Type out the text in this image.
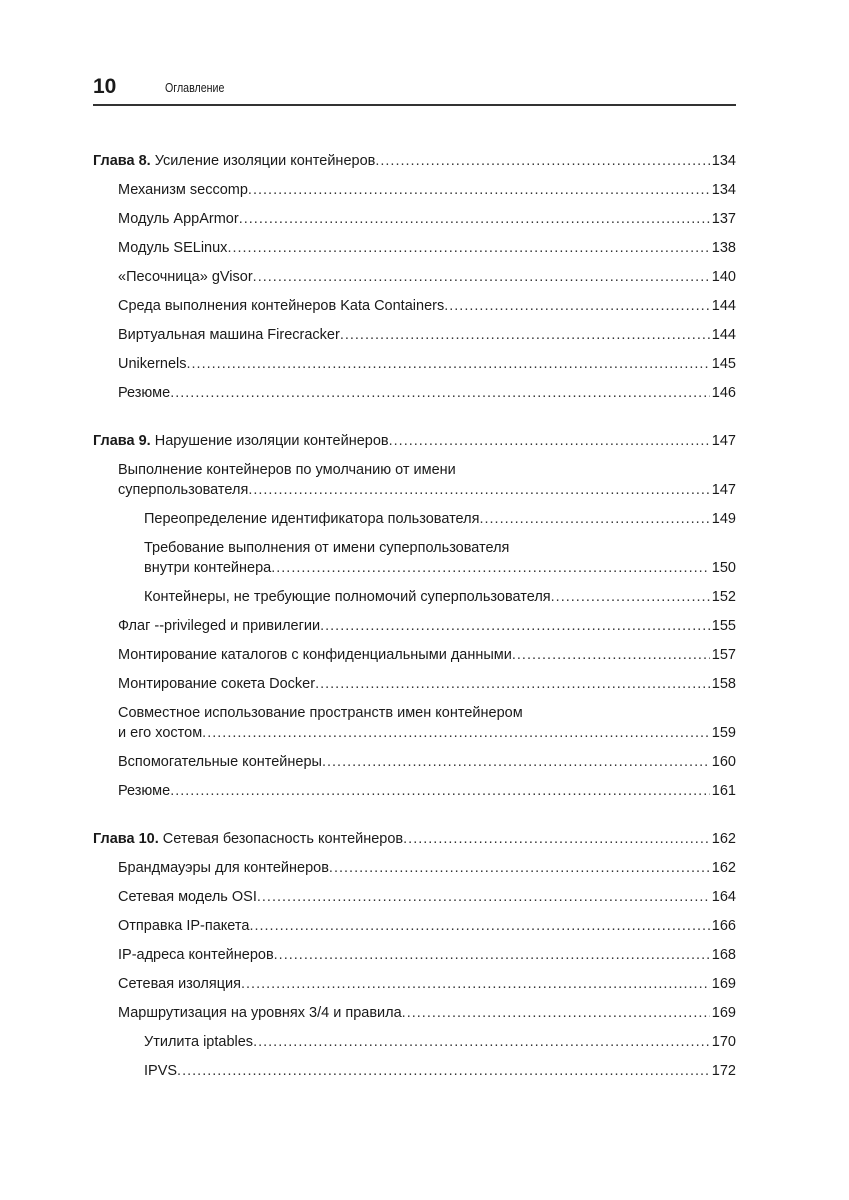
10	Оглавление
Глава 8. Усиление изоляции контейнеров .....	134
Механизм seccomp .....	134
Модуль AppArmor .....	137
Модуль SELinux .....	138
«Песочница» gVisor .....	140
Среда выполнения контейнеров Kata Containers .....	144
Виртуальная машина Firecracker .....	144
Unikernels .....	145
Резюме .....	146
Глава 9. Нарушение изоляции контейнеров .....	147
Выполнение контейнеров по умолчанию от имени
суперпользователя .....	147
Переопределение идентификатора пользователя .....	149
Требование выполнения от имени суперпользователя
внутри контейнера .....	150
Контейнеры, не требующие полномочий суперпользователя .....	152
Флаг --privileged и привилегии .....	155
Монтирование каталогов с конфиденциальными данными .....	157
Монтирование сокета Docker .....	158
Совместное использование пространств имен контейнером
и его хостом .....	159
Вспомогательные контейнеры .....	160
Резюме .....	161
Глава 10. Сетевая безопасность контейнеров .....	162
Брандмауэры для контейнеров .....	162
Сетевая модель OSI .....	164
Отправка IP-пакета .....	166
IP-адреса контейнеров .....	168
Сетевая изоляция .....	169
Маршрутизация на уровнях 3/4 и правила .....	169
Утилита iptables .....	170
IPVS .....	172
